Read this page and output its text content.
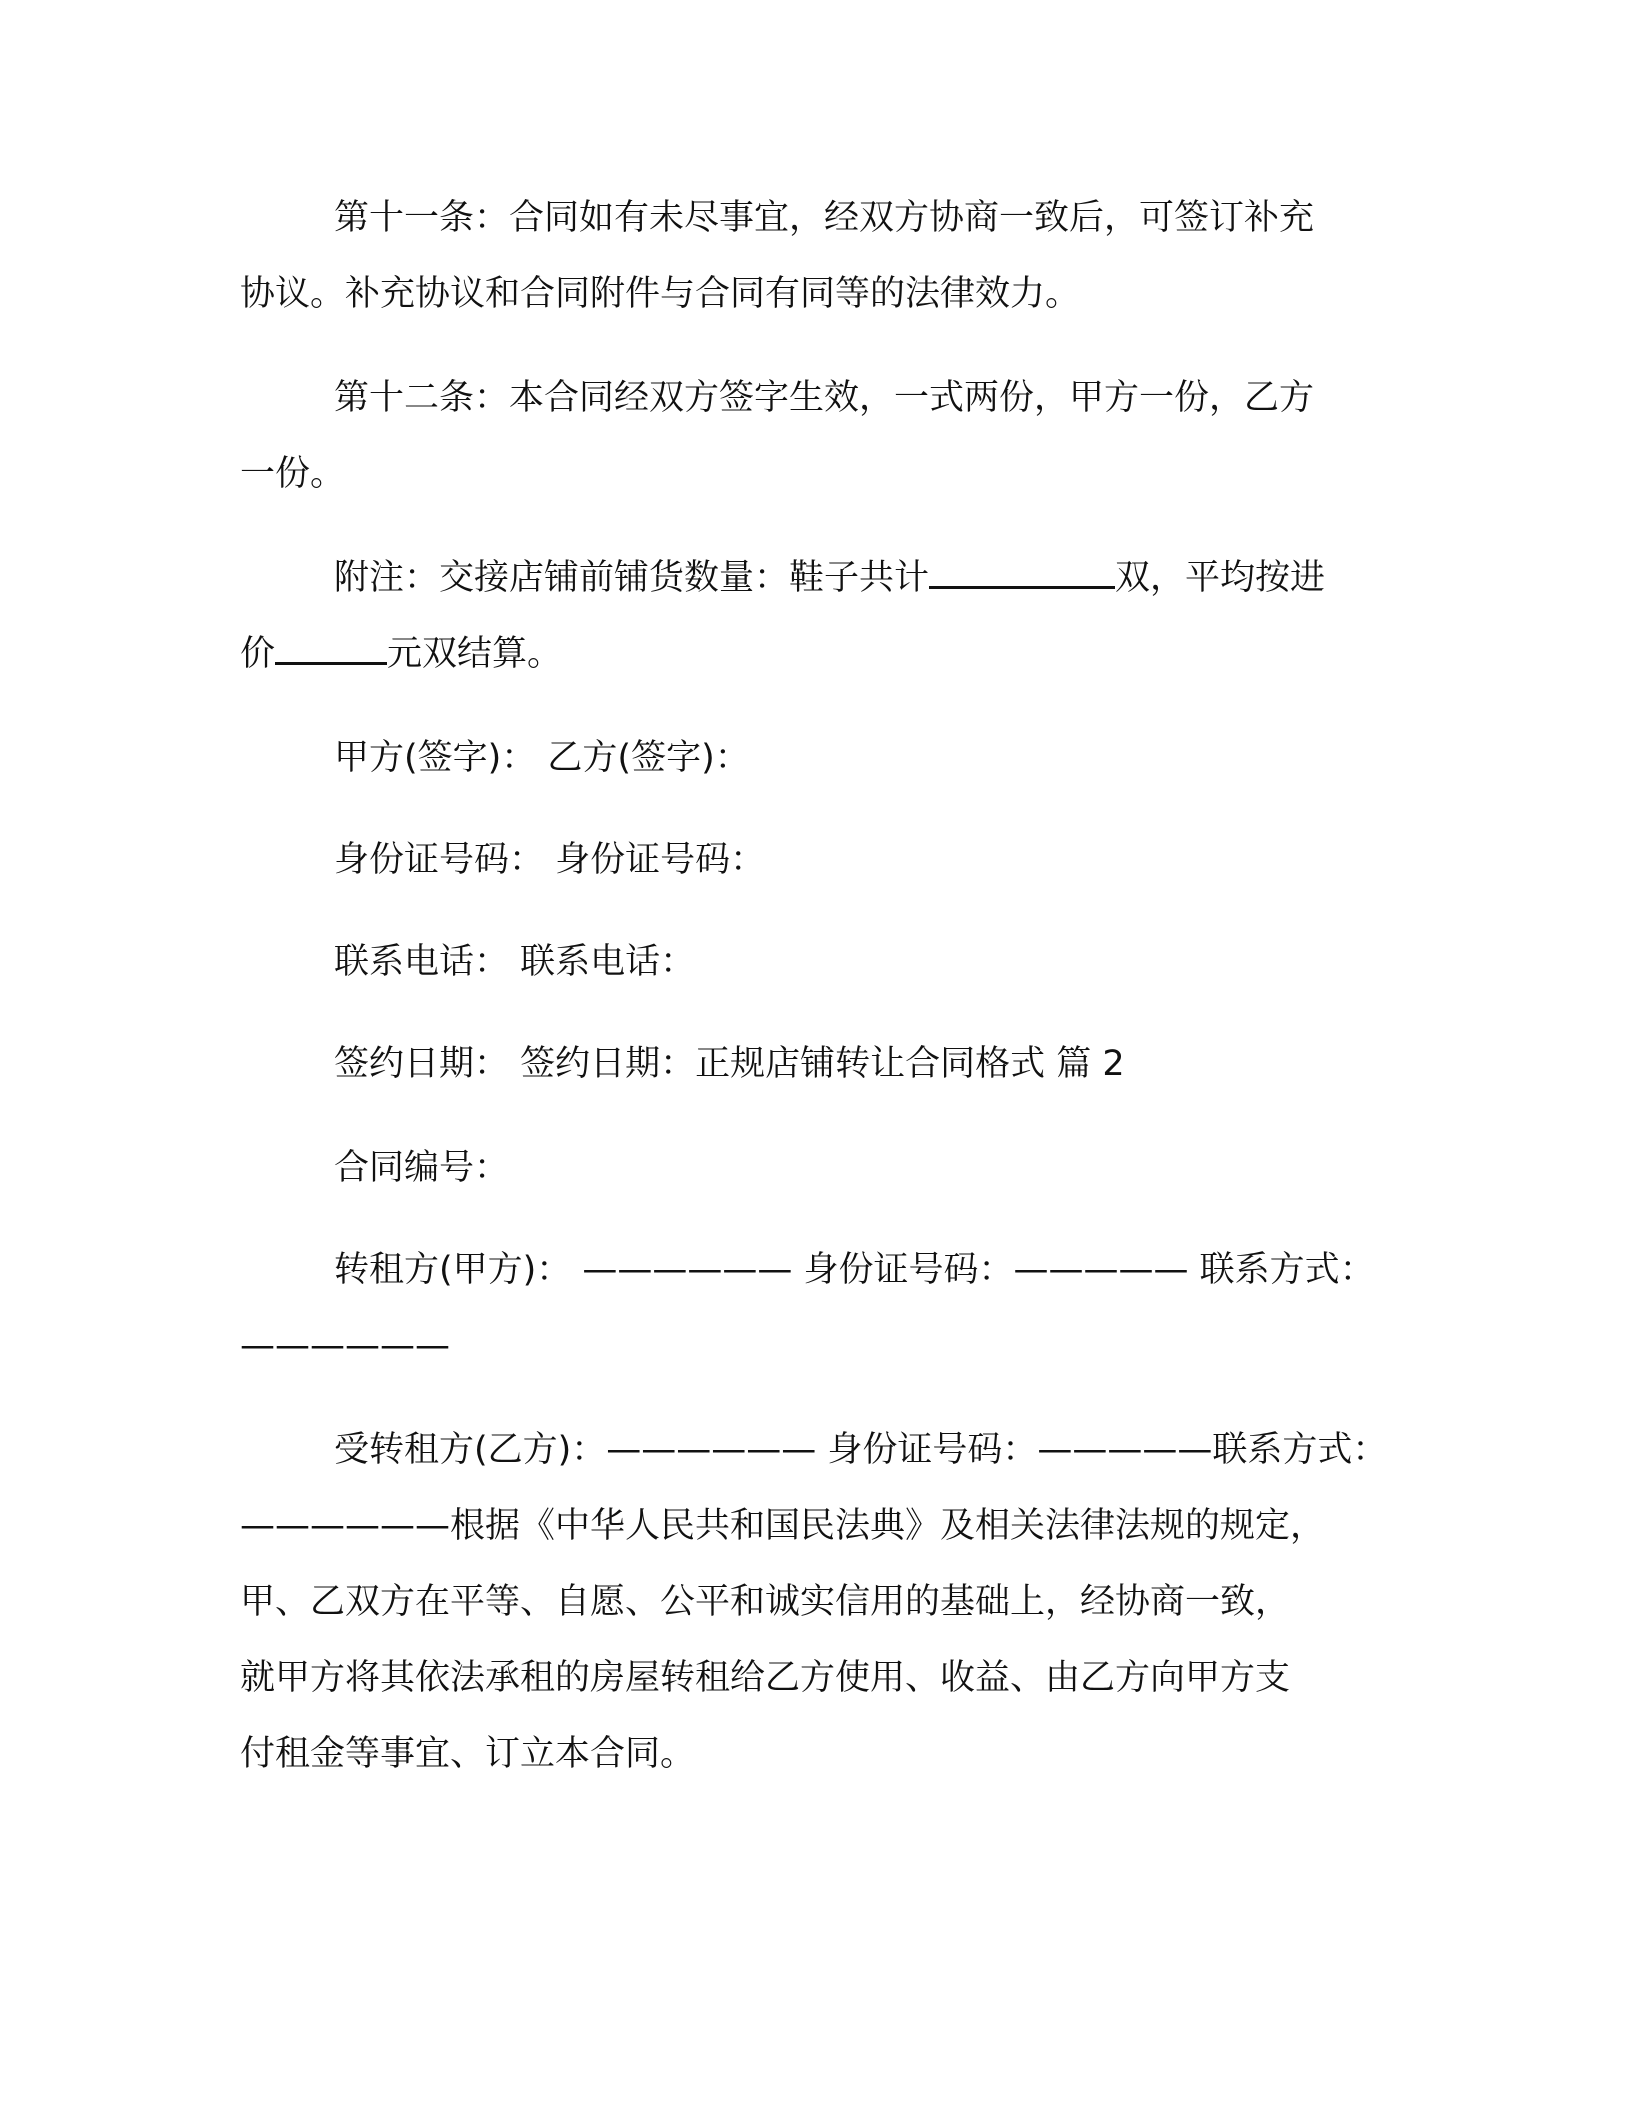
第十一条：合同如有未尽事宜，经双方协商一致后，可签订补充
协议。补充协议和合同附件与合同有同等的法律效力。
第十二条：本合同经双方签字生效，一式两份，甲方一份，乙方
一份。
附注：交接店铺前铺货数量：鞋子共计	双，平均按进
价	元双结算。
甲方(签字)： 乙方(签字)：
身份证号码： 身份证号码：
联系电话： 联系电话：
签约日期： 签约日期：正规店铺转让合同格式 篇 2
合同编号：
转租方(甲方)： —————— 身份证号码：————— 联系方式：
——————
受转租方(乙方)：—————— 身份证号码：—————联系方式：
——————根据《中华人民共和国民法典》及相关法律法规的规定，
甲、乙双方在平等、自愿、公平和诚实信用的基础上，经协商一致，
就甲方将其依法承租的房屋转租给乙方使用、收益、由乙方向甲方支
付租金等事宜、订立本合同。
